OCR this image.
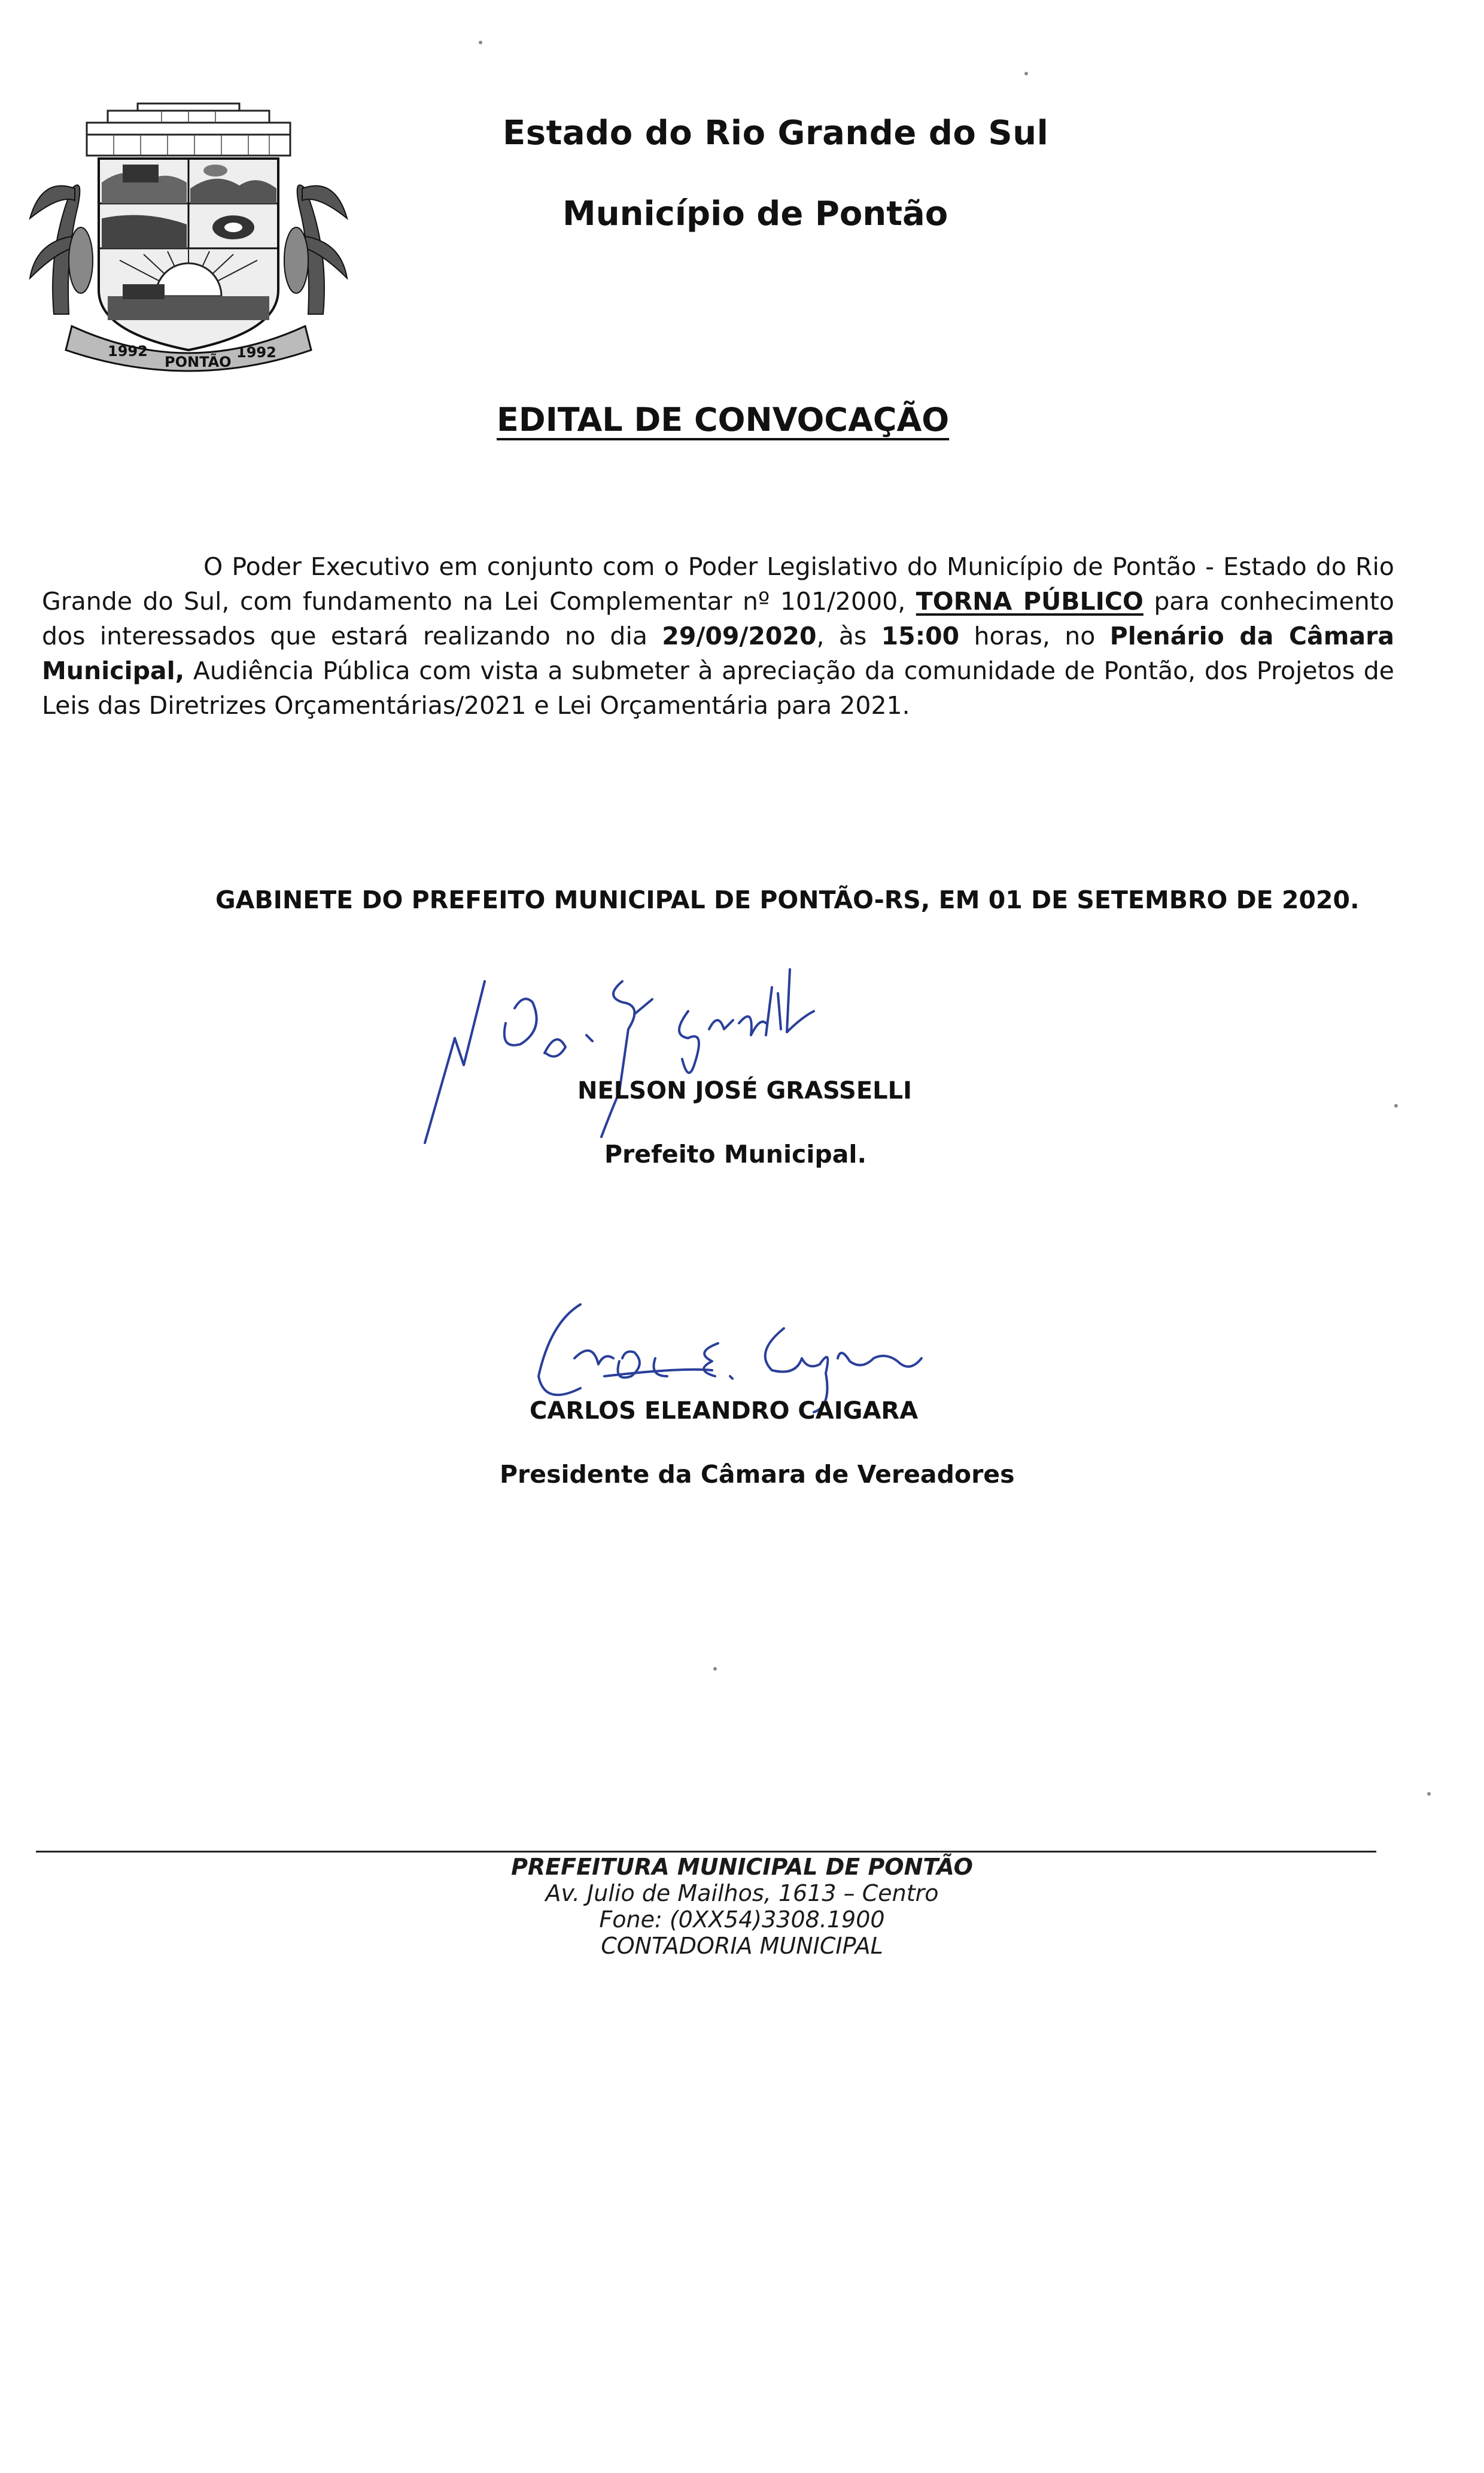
1992
PONTÃO
1992
Estado do Rio Grande do Sul
Município de Pontão
EDITAL DE CONVOCAÇÃO
O Poder Executivo em conjunto com o Poder Legislativo do Município de Pontão - Estado do Rio Grande do Sul, com fundamento na Lei Complementar nº 101/2000, TORNA PÚBLICO para conhecimento dos interessados que estará realizando no dia 29/09/2020, às 15:00 horas, no Plenário da Câmara Municipal, Audiência Pública com vista a submeter à apreciação da comunidade de Pontão, dos Projetos de Leis das Diretrizes Orçamentárias/2021 e Lei Orçamentária para 2021.
GABINETE DO PREFEITO MUNICIPAL DE PONTÃO-RS, EM 01 DE SETEMBRO DE 2020.
NELSON JOSÉ GRASSELLI
Prefeito Municipal.
CARLOS ELEANDRO CAIGARA
Presidente da Câmara de Vereadores
PREFEITURA MUNICIPAL DE PONTÃO
Av. Julio de Mailhos, 1613 – Centro
Fone: (0XX54)3308.1900
CONTADORIA MUNICIPAL
